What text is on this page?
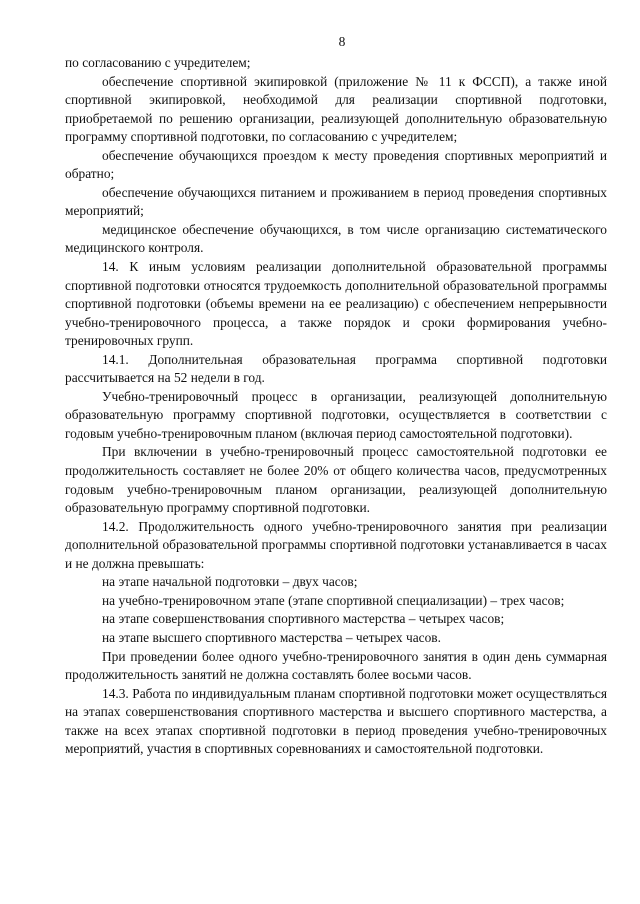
8

по согласованию с учредителем;

обеспечение спортивной экипировкой (приложение № 11 к ФССП), а также иной спортивной экипировкой, необходимой для реализации спортивной подготовки, приобретаемой по решению организации, реализующей дополнительную образовательную программу спортивной подготовки, по согласованию с учредителем;

обеспечение обучающихся проездом к месту проведения спортивных мероприятий и обратно;

обеспечение обучающихся питанием и проживанием в период проведения спортивных мероприятий;

медицинское обеспечение обучающихся, в том числе организацию систематического медицинского контроля.

14. К иным условиям реализации дополнительной образовательной программы спортивной подготовки относятся трудоемкость дополнительной образовательной программы спортивной подготовки (объемы времени на ее реализацию) с обеспечением непрерывности учебно-тренировочного процесса, а также порядок и сроки формирования учебно-тренировочных групп.

14.1. Дополнительная образовательная программа спортивной подготовки рассчитывается на 52 недели в год.

Учебно-тренировочный процесс в организации, реализующей дополнительную образовательную программу спортивной подготовки, осуществляется в соответствии с годовым учебно-тренировочным планом (включая период самостоятельной подготовки).

При включении в учебно-тренировочный процесс самостоятельной подготовки ее продолжительность составляет не более 20% от общего количества часов, предусмотренных годовым учебно-тренировочным планом организации, реализующей дополнительную образовательную программу спортивной подготовки.

14.2. Продолжительность одного учебно-тренировочного занятия при реализации дополнительной образовательной программы спортивной подготовки устанавливается в часах и не должна превышать:

на этапе начальной подготовки – двух часов;

на учебно-тренировочном этапе (этапе спортивной специализации) – трех часов;

на этапе совершенствования спортивного мастерства – четырех часов;

на этапе высшего спортивного мастерства – четырех часов.

При проведении более одного учебно-тренировочного занятия в один день суммарная продолжительность занятий не должна составлять более восьми часов.

14.3. Работа по индивидуальным планам спортивной подготовки может осуществляться на этапах совершенствования спортивного мастерства и высшего спортивного мастерства, а также на всех этапах спортивной подготовки в период проведения учебно-тренировочных мероприятий, участия в спортивных соревнованиях и самостоятельной подготовки.
